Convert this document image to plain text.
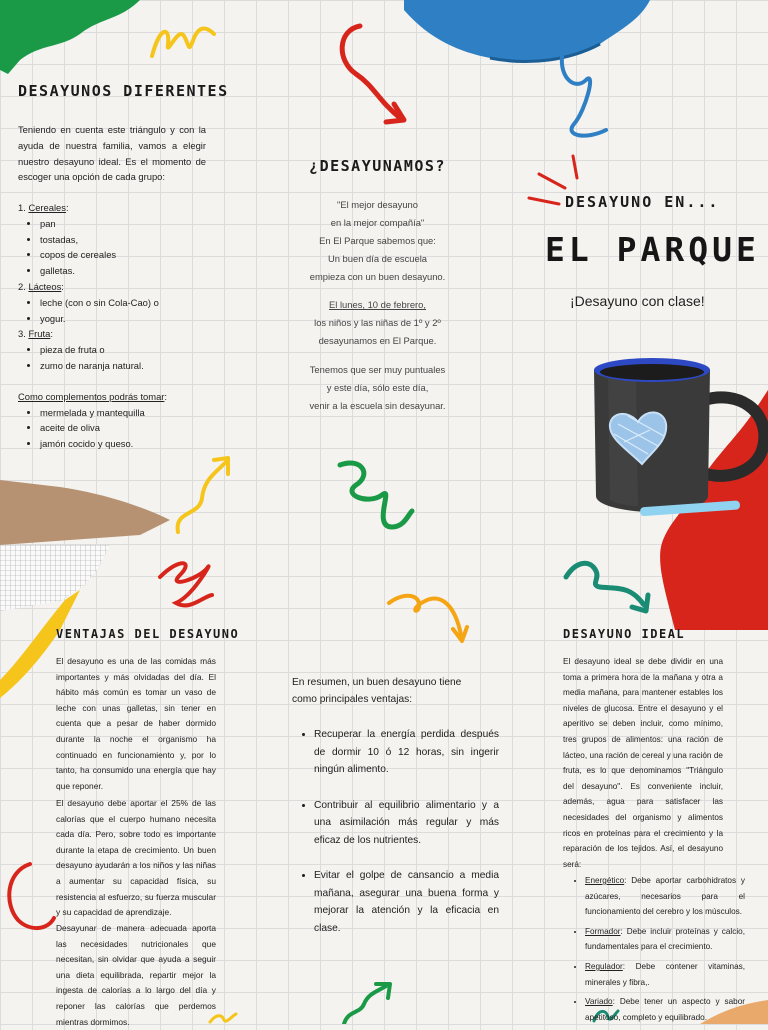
DESAYUNOS DIFERENTES
Teniendo en cuenta este triángulo y con la ayuda de nuestra familia, vamos a elegir nuestro desayuno ideal. Es el momento de escoger una opción de cada grupo:
1. Cereales:
• pan
• tostadas,
• copos de cereales
• galletas.
2. Lácteos:
• leche (con o sin Cola-Cao) o
• yogur.
3. Fruta:
• pieza de fruta o
• zumo de naranja natural.
Como complementos podrás tomar:
• mermelada y mantequilla
• aceite de oliva
• jamón cocido y queso.
¿DESAYUNAMOS?
"El mejor desayuno
en la mejor compañía"
En El Parque sabemos que:
Un buen día de escuela
empieza con un buen desayuno.
El lunes, 10 de febrero,
los niños y las niñas de 1º y 2º
desayunamos en El Parque.
Tenemos que ser muy puntuales
y este día, sólo este día,
venir a la escuela sin desayunar.
DESAYUNO EN...
EL PARQUE
¡Desayuno con clase!
VENTAJAS DEL DESAYUNO
El desayuno es una de las comidas más importantes y más olvidadas del día. El hábito más común es tomar un vaso de leche con unas galletas, sin tener en cuenta que a pesar de haber dormido durante la noche el organismo ha continuado en funcionamiento y, por lo tanto, ha consumido una energía que hay que reponer.
El desayuno debe aportar el 25% de las calorías que el cuerpo humano necesita cada día. Pero, sobre todo es importante durante la etapa de crecimiento. Un buen desayuno ayudarán a los niños y las niñas a aumentar su capacidad física, su resistencia al esfuerzo, su fuerza muscular y su capacidad de aprendizaje.
Desayunar de manera adecuada aporta las necesidades nutricionales que necesitan, sin olvidar que ayuda a seguir una dieta equilibrada, repartir mejor la ingesta de calorías a lo largo del día y reponer las calorías que perdemos mientras dormimos.
En resumen, un buen desayuno tiene como principales ventajas:
• Recuperar la energía perdida después de dormir 10 ó 12 horas, sin ingerir ningún alimento.
• Contribuir al equilibrio alimentario y a una asimilación más regular y más eficaz de los nutrientes.
• Evitar el golpe de cansancio a media mañana, asegurar una buena forma y mejorar la atención y la eficacia en clase.
DESAYUNO IDEAL
El desayuno ideal se debe dividir en una toma a primera hora de la mañana y otra a media mañana, para mantener estables los niveles de glucosa. Entre el desayuno y el aperitivo se deben incluir, como mínimo, tres grupos de alimentos: una ración de lácteo, una ración de cereal y una ración de fruta, es lo que denominamos "Triángulo del desayuno". Es conveniente incluir, además, agua para satisfacer las necesidades del organismo y alimentos ricos en proteínas para el crecimiento y la reparación de los tejidos. Así, el desayuno será:
• Energético: Debe aportar carbohidratos y azúcares, necesarios para el funcionamiento del cerebro y los músculos.
• Formador: Debe incluir proteínas y calcio, fundamentales para el crecimiento.
• Regulador: Debe contener vitaminas, minerales y fibra,.
• Variado: Debe tener un aspecto y sabor apetitoso, completo y equilibrado.
